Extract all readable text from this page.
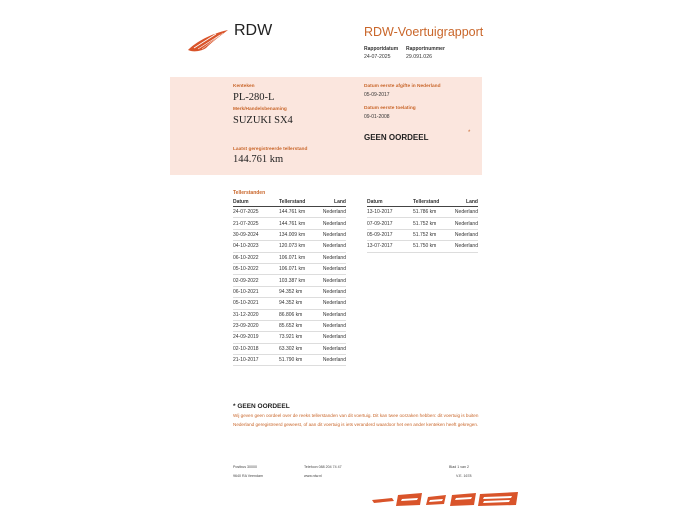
RDW	RDW-Voertuigrapport
Rapportdatum
24-07-2025
Rapportnummer
29.091.026
Kenteken
PL-280-L
Merk/Handelsbenaming
SUZUKI SX4
Laatst geregistreerde tellerstand
144.761 km
Datum eerste afgifte in Nederland
05-09-2017
Datum eerste toelating
09-01-2008
GEEN OORDEEL	*
Tellerstanden
Datum	Tellerstand	Land
24-07-2025	144.761 km	Nederland
21-07-2025	144.761 km	Nederland
30-09-2024	134.009 km	Nederland
04-10-2023	120.073 km	Nederland
06-10-2022	106.071 km	Nederland
05-10-2022	106.071 km	Nederland
02-09-2022	103.387 km	Nederland
06-10-2021	94.352 km	Nederland
05-10-2021	94.352 km	Nederland
31-12-2020	86.806 km	Nederland
23-09-2020	85.652 km	Nederland
24-09-2019	73.921 km	Nederland
02-10-2018	63.302 km	Nederland
21-10-2017	51.790 km	Nederland
Datum	Tellerstand	Land
13-10-2017	51.786 km	Nederland
07-09-2017	51.752 km	Nederland
05-09-2017	51.752 km	Nederland
13-07-2017	51.750 km	Nederland
* GEEN OORDEEL
Wij geven geen oordeel over de reeks tellerstanden van dit voertuig. Dit kan twee oorzaken hebben: dit voertuig is buiten Nederland geregistreerd geweest, of aan dit voertuig is iets veranderd waardoor het een ander kenteken heeft gekregen.
Postbus 30000
9640 RA Veendam
Telefoon 088 204 74 47
www.rdw.nl
Blad 1 van 2
V.E. 1678
